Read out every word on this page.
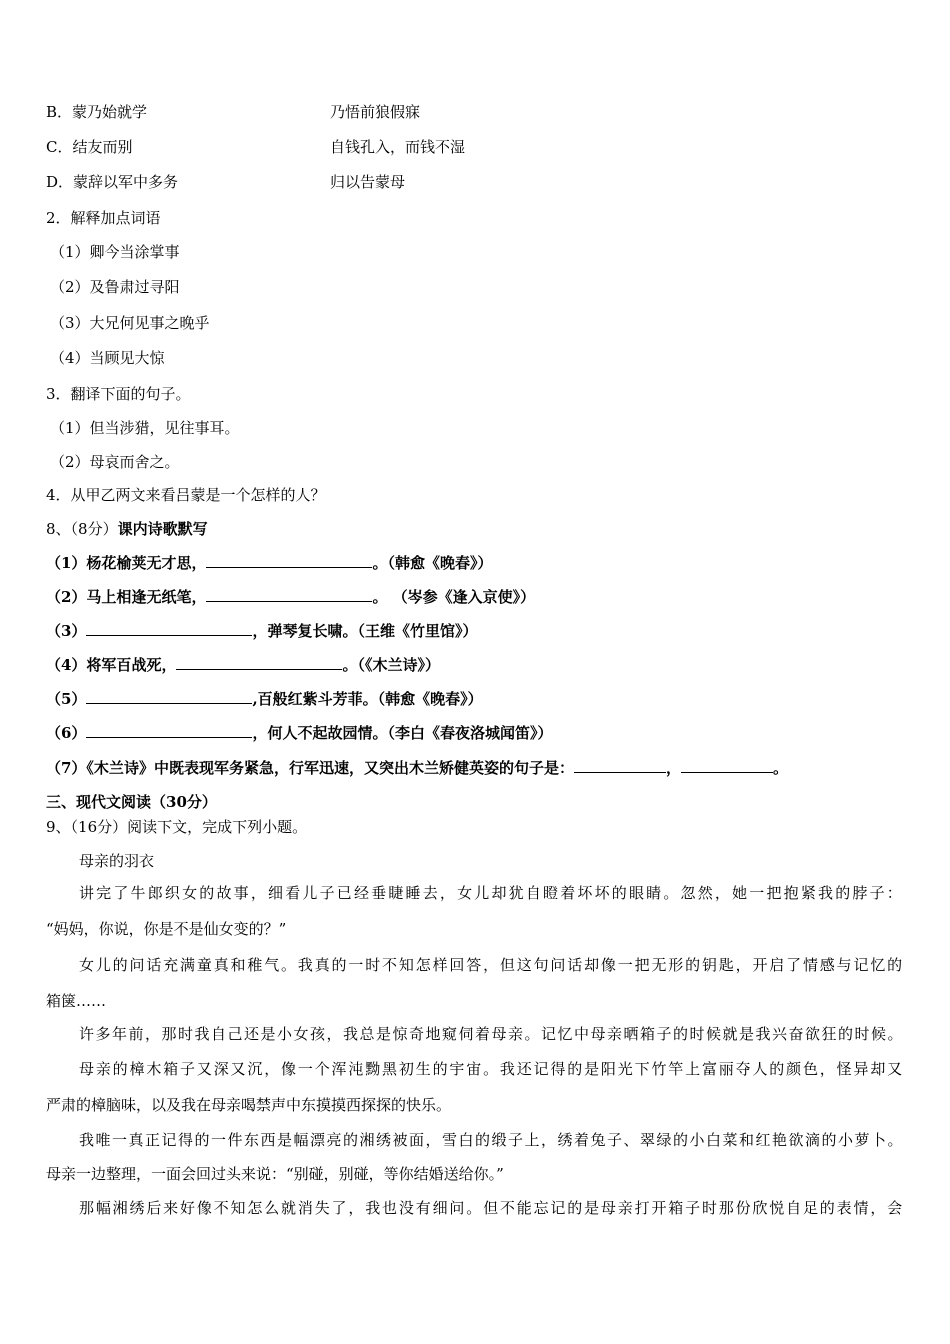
B．蒙乃始就学	乃悟前狼假寐
C．结友而别	自钱孔入，而钱不湿
D．蒙辞以军中多务	归以告蒙母
2．解释加点词语
（1）卿今当涂掌事
（2）及鲁肃过寻阳
（3）大兄何见事之晚乎
（4）当顾见大惊
3．翻译下面的句子。
（1）但当涉猎，见往事耳。
（2）母哀而舍之。
4．从甲乙两文来看吕蒙是一个怎样的人？
8、（8分）课内诗歌默写
（1）杨花榆荚无才思，	。（韩愈《晚春》）
（2）马上相逢无纸笔，	。 （岑参《逢入京使》）
（3）	，弹琴复长啸。（王维《竹里馆》）
（4）将军百战死，	。（《木兰诗》）
（5）	,百般红紫斗芳菲。（韩愈《晚春》）
（6）	，何人不起故园情。（李白《春夜洛城闻笛》）
（7）《木兰诗》中既表现军务紧急，行军迅速，又突出木兰矫健英姿的句子是：	，	。
三、现代文阅读（30分）
9、（16分）阅读下文，完成下列小题。
母亲的羽衣
讲完了牛郎织女的故事，细看儿子已经垂睫睡去，女儿却犹自瞪着坏坏的眼睛。忽然，她一把抱紧我的脖子：
“妈妈，你说，你是不是仙女变的？”
女儿的问话充满童真和稚气。我真的一时不知怎样回答，但这句问话却像一把无形的钥匙，开启了情感与记忆的
箱箧……
许多年前，那时我自己还是小女孩，我总是惊奇地窥伺着母亲。记忆中母亲晒箱子的时候就是我兴奋欲狂的时候。
母亲的樟木箱子又深又沉，像一个浑沌黝黑初生的宇宙。我还记得的是阳光下竹竿上富丽夺人的颜色，怪异却又
严肃的樟脑味，以及我在母亲喝禁声中东摸摸西探探的快乐。
我唯一真正记得的一件东西是幅漂亮的湘绣被面，雪白的缎子上，绣着兔子、翠绿的小白菜和红艳欲滴的小萝卜。
母亲一边整理，一面会回过头来说：“别碰，别碰，等你结婚送给你。”
那幅湘绣后来好像不知怎么就消失了，我也没有细问。但不能忘记的是母亲打开箱子时那份欣悦自足的表情，会
